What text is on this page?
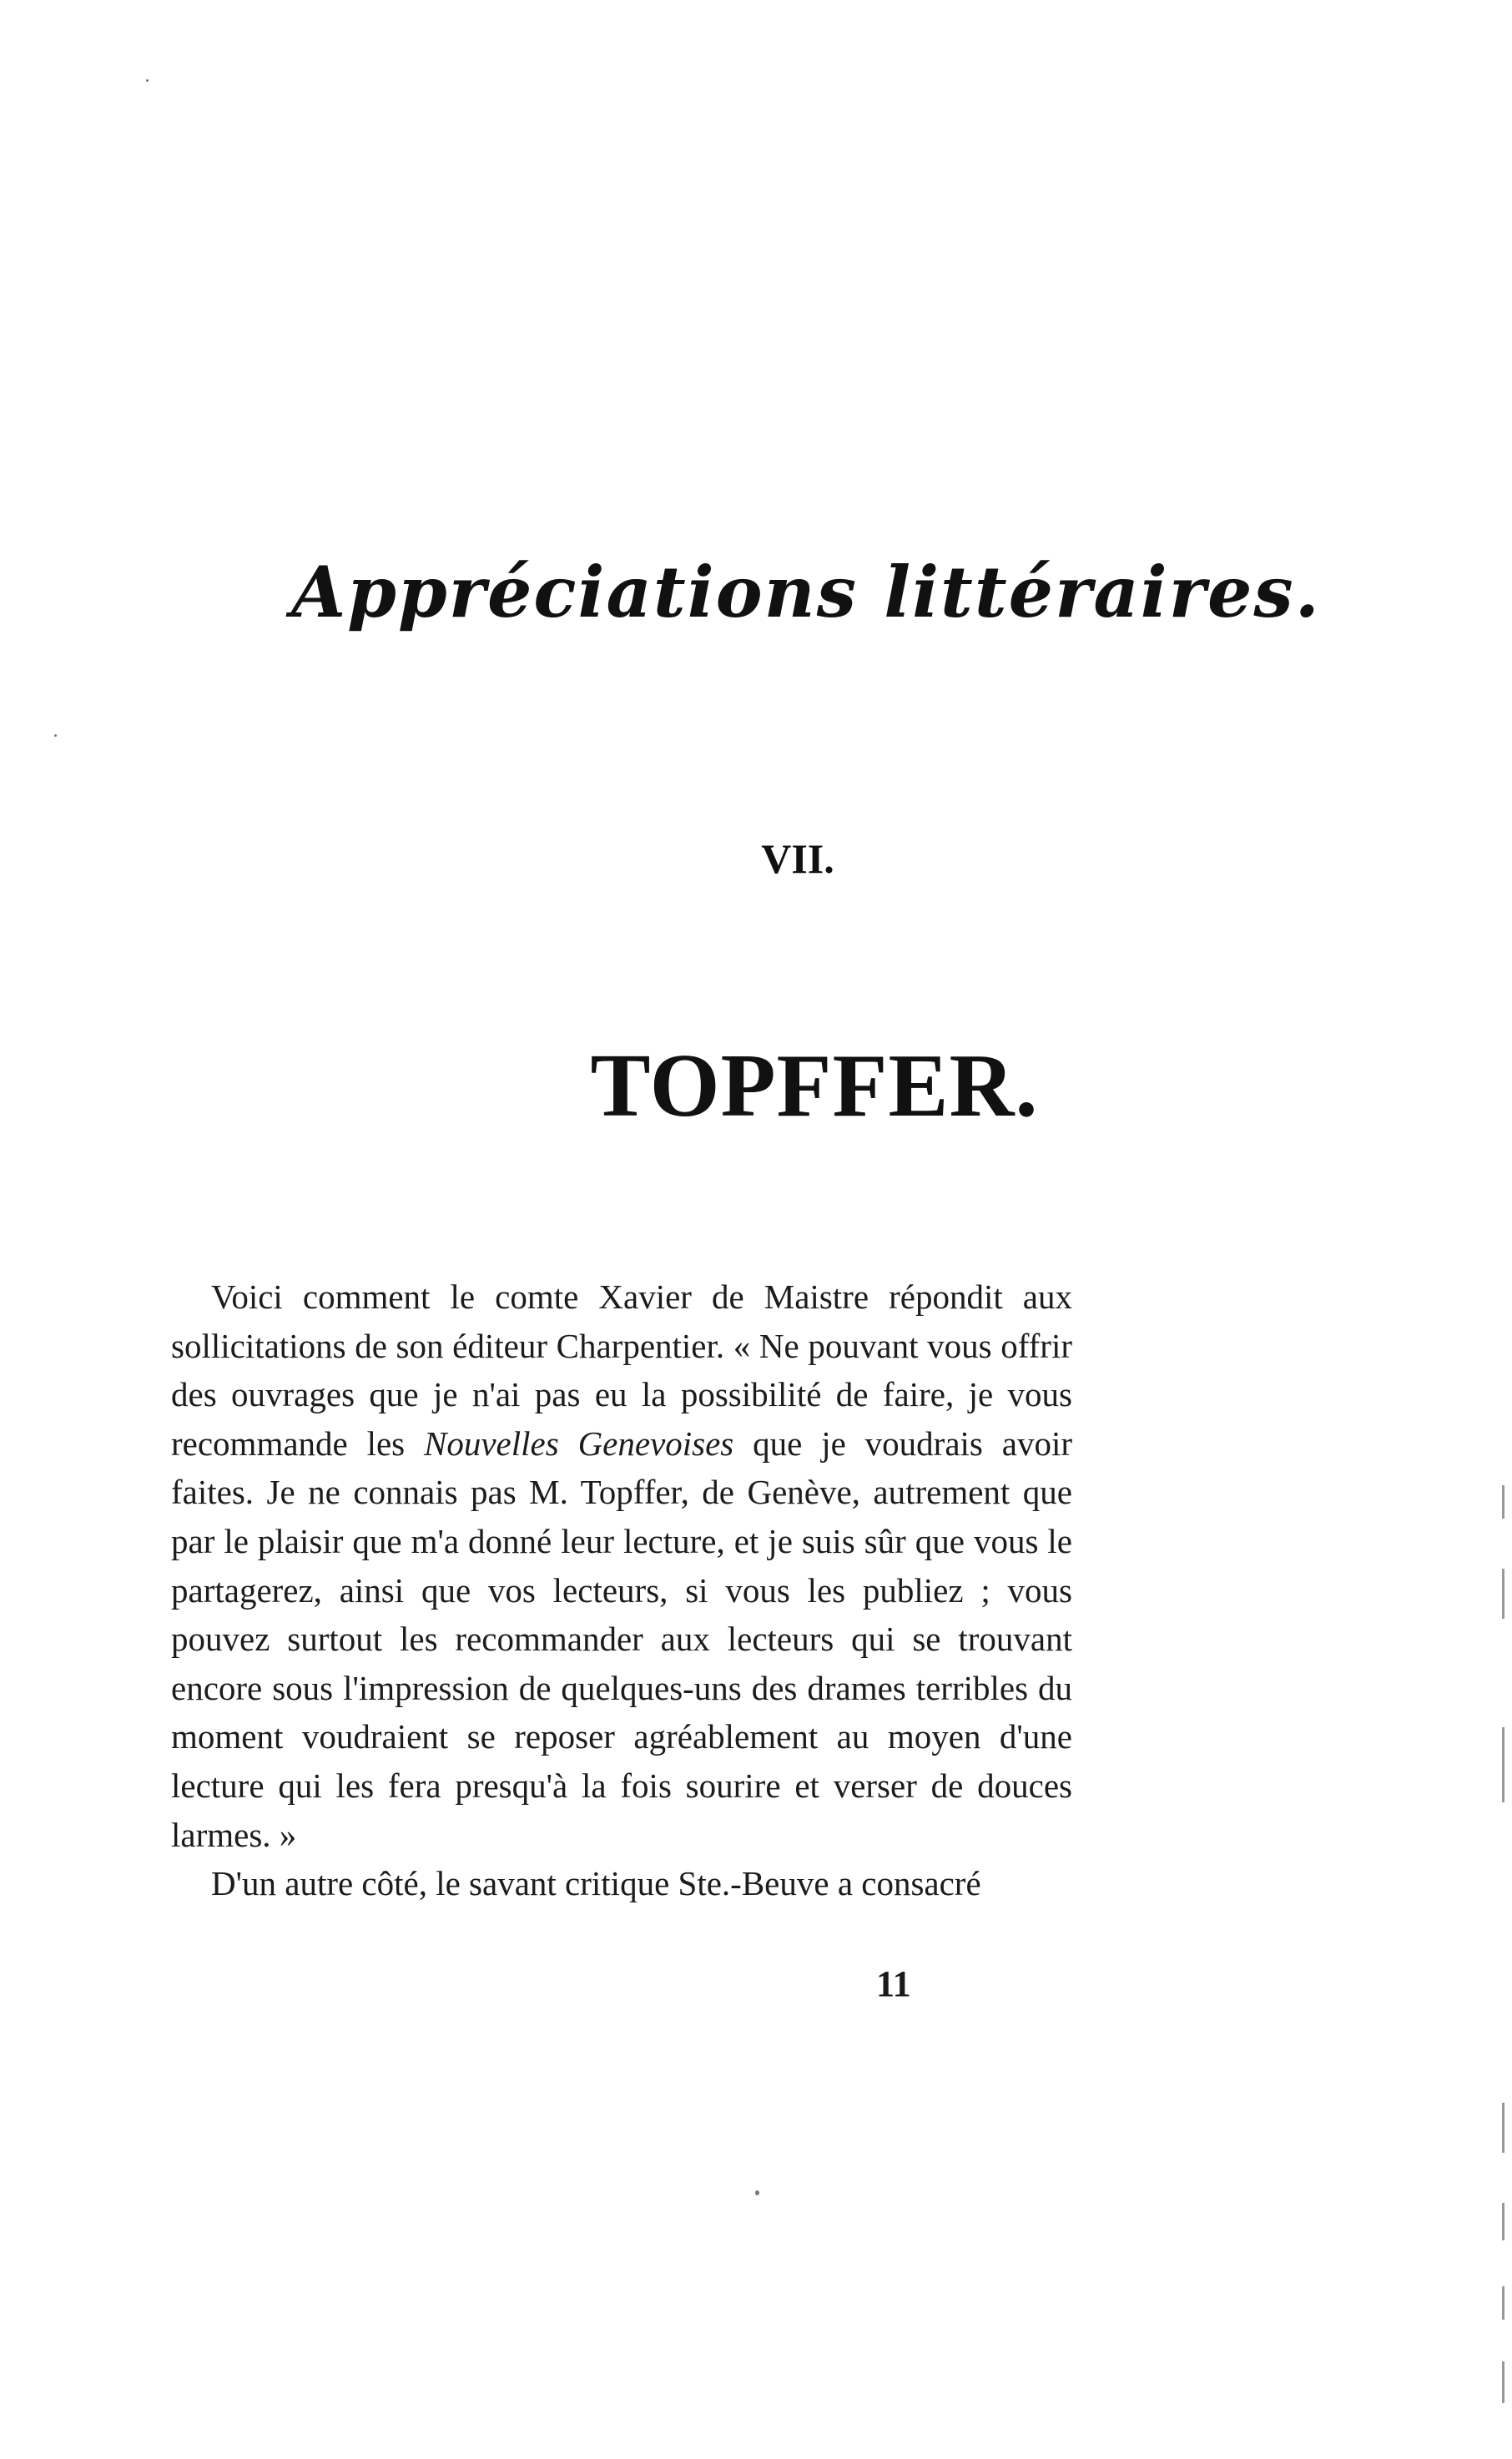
Appréciations littéraires.
VII.
TOPFFER.

Voici comment le comte Xavier de Maistre répondit aux sollicitations de son éditeur Charpentier. « Ne pouvant vous offrir des ouvrages que je n'ai pas eu la possibilité de faire, je vous recommande les Nouvelles Genevoises que je voudrais avoir faites. Je ne connais pas M. Topffer, de Genève, autrement que par le plaisir que m'a donné leur lecture, et je suis sûr que vous le partagerez, ainsi que vos lecteurs, si vous les publiez ; vous pouvez surtout les recommander aux lecteurs qui se trouvant encore sous l'impression de quelques-uns des drames terribles du moment voudraient se reposer agréablement au moyen d'une lecture qui les fera presqu'à la fois sourire et verser de douces larmes. »

D'un autre côté, le savant critique Ste.-Beuve a consacré

11
